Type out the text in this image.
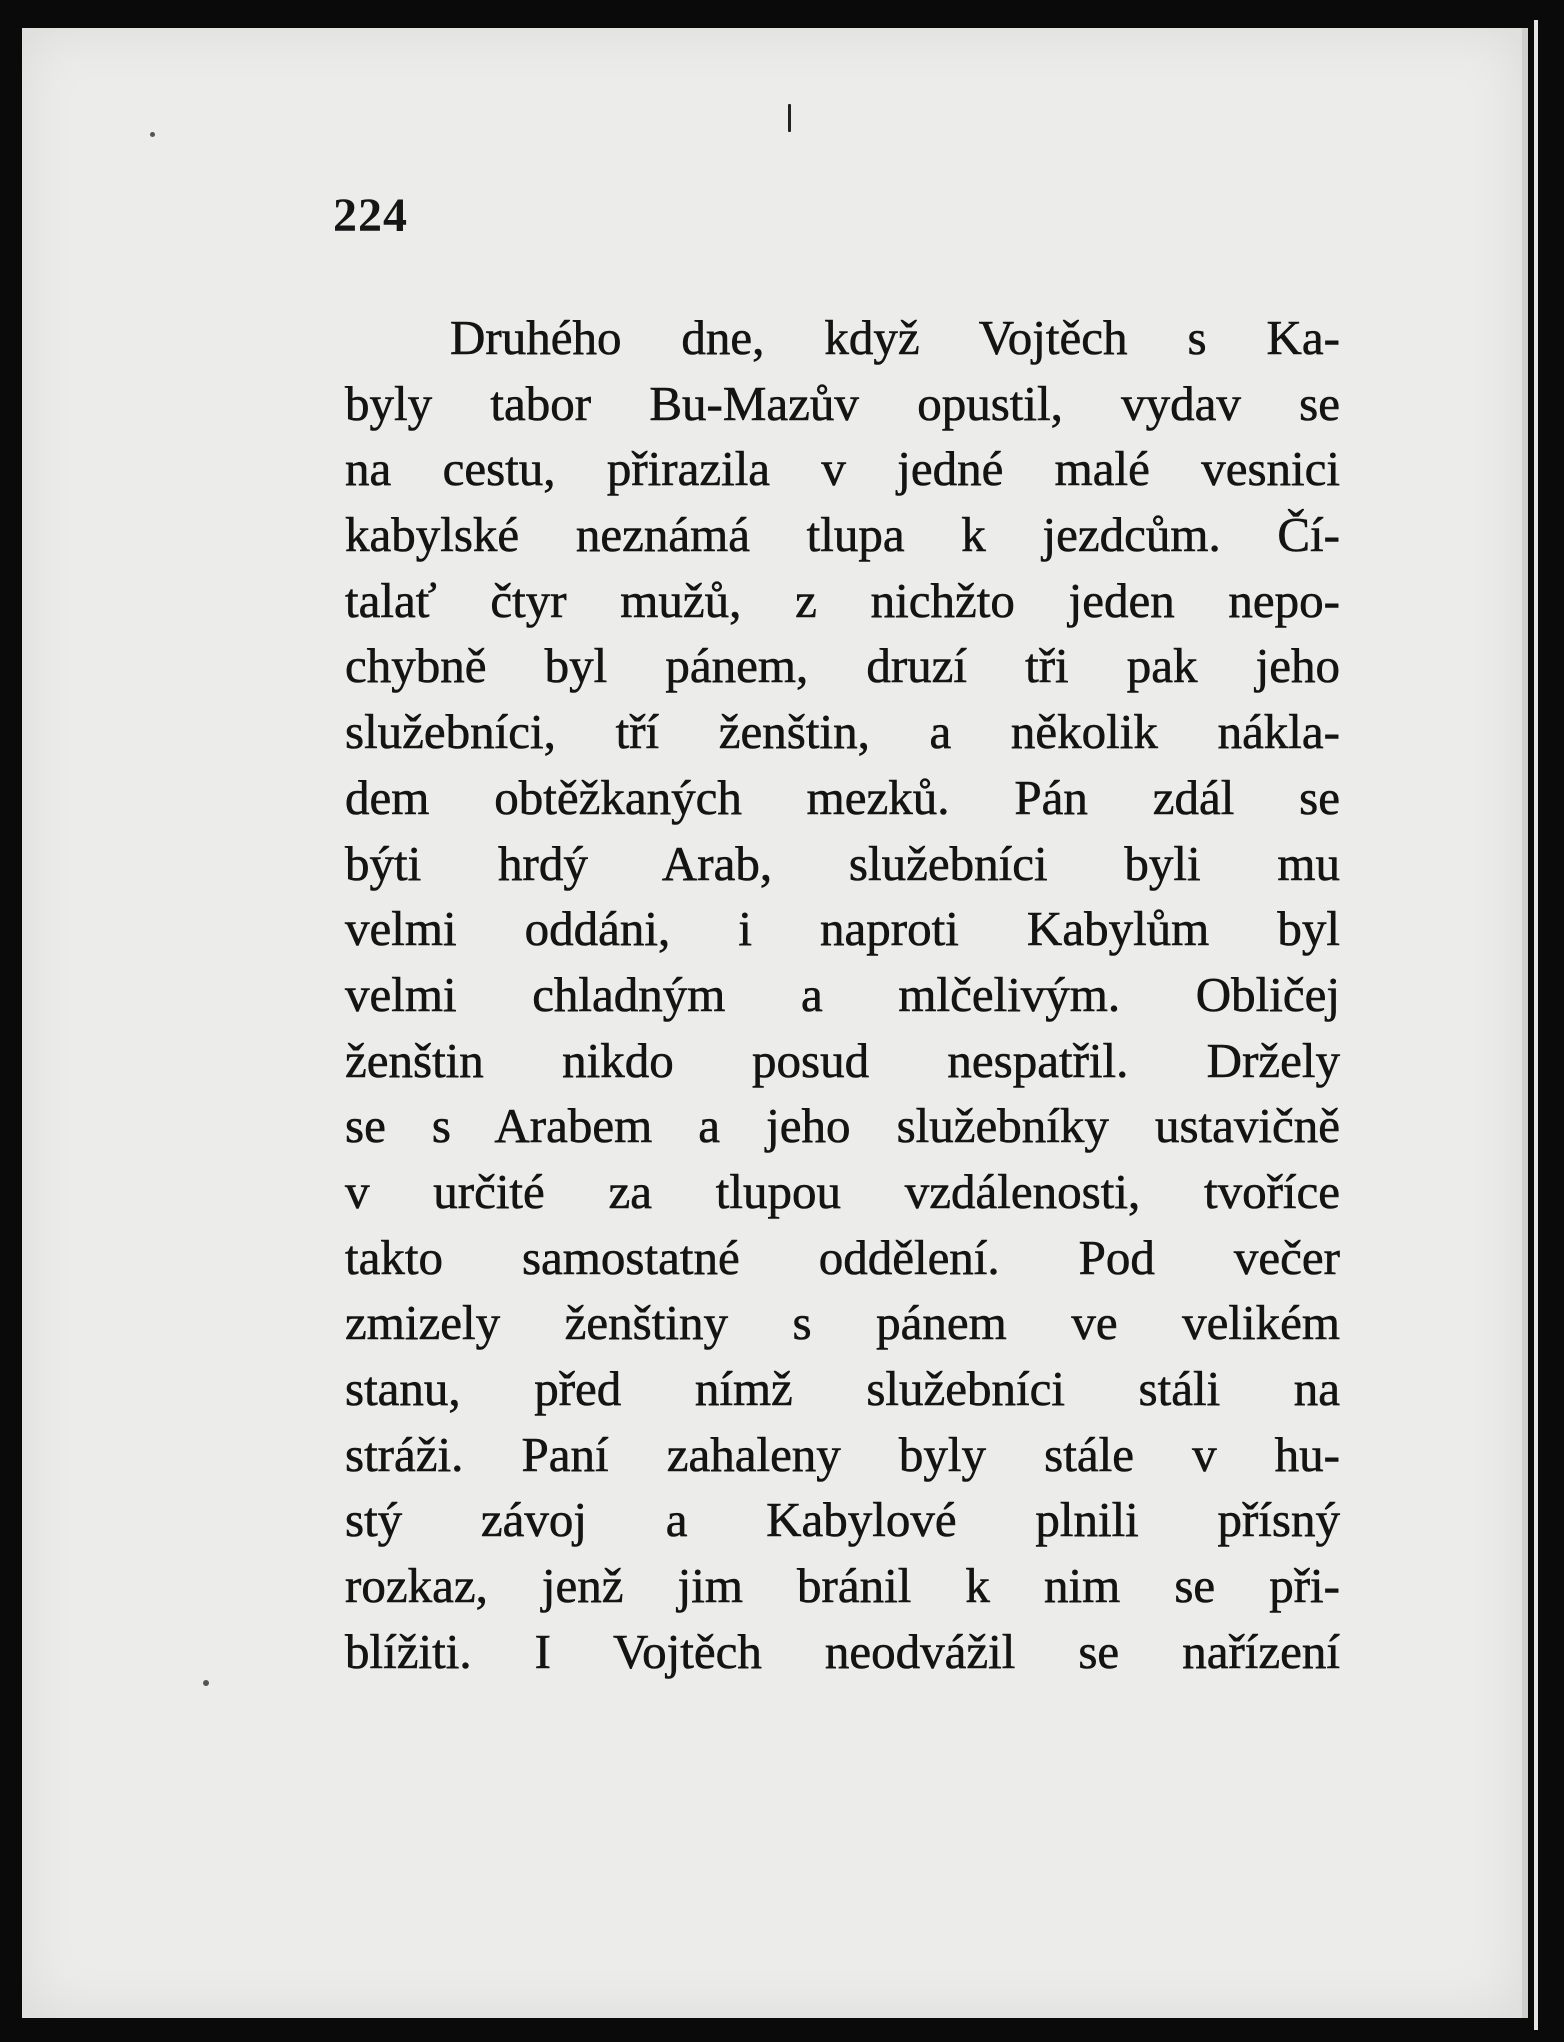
224
Druhého dne, když Vojtěch s Ka-
byly tabor Bu-Mazův opustil, vydav se
na cestu, přirazila v jedné malé vesnici
kabylské neznámá tlupa k jezdcům. Čí-
talať čtyr mužů, z nichžto jeden nepo-
chybně byl pánem, druzí tři pak jeho
služebníci, tří ženštin, a několik nákla-
dem obtěžkaných mezků. Pán zdál se
býti hrdý Arab, služebníci byli mu
velmi oddáni, i naproti Kabylům byl
velmi chladným a mlčelivým. Obličej
ženštin nikdo posud nespatřil. Držely
se s Arabem a jeho služebníky ustavičně
v určité za tlupou vzdálenosti, tvoříce
takto samostatné oddělení. Pod večer
zmizely ženštiny s pánem ve velikém
stanu, před nímž služebníci stáli na
stráži. Paní zahaleny byly stále v hu-
stý závoj a Kabylové plnili přísný
rozkaz, jenž jim bránil k nim se při-
blížiti. I Vojtěch neodvážil se nařízení
